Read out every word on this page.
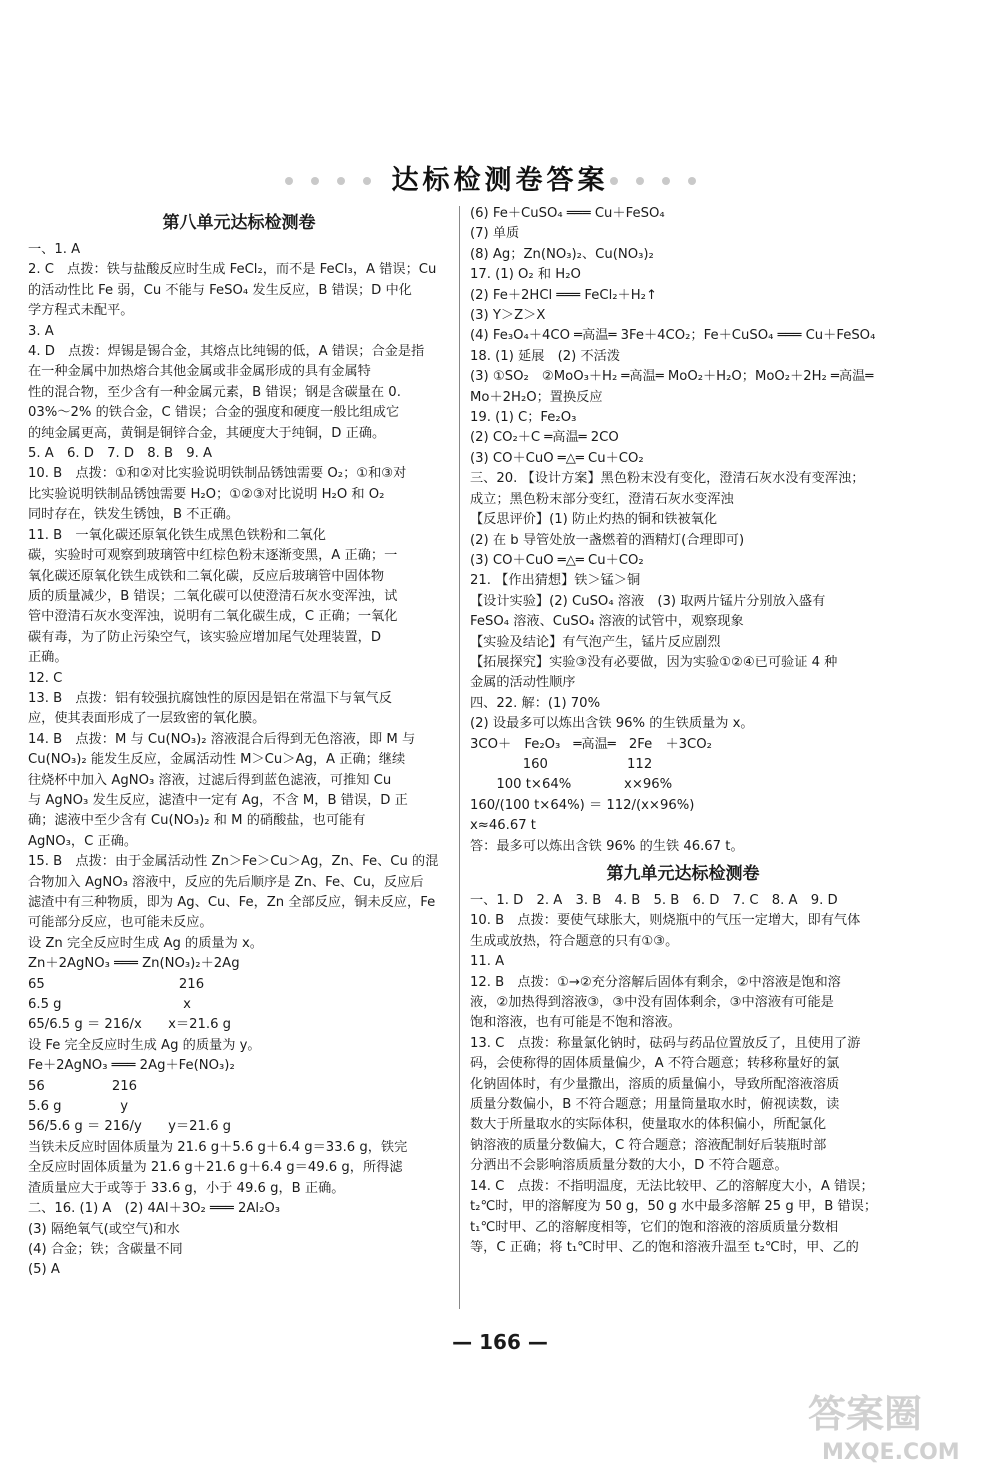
达标检测卷答案
第八单元达标检测卷
一、1. A
2. C　点拨：铁与盐酸反应时生成 FeCl₂，而不是 FeCl₃，A 错误；Cu
的活动性比 Fe 弱，Cu 不能与 FeSO₄ 发生反应，B 错误；D 中化
学方程式未配平。
3. A
4. D　点拨：焊锡是锡合金，其熔点比纯锡的低，A 错误；合金是指
在一种金属中加热熔合其他金属或非金属形成的具有金属特
性的混合物，至少含有一种金属元素，B 错误；钢是含碳量在 0.
03%～2% 的铁合金，C 错误；合金的强度和硬度一般比组成它
的纯金属更高，黄铜是铜锌合金，其硬度大于纯铜，D 正确。
5. A　6. D　7. D　8. B　9. A
10. B　点拨：①和②对比实验说明铁制品锈蚀需要 O₂；①和③对
比实验说明铁制品锈蚀需要 H₂O；①②③对比说明 H₂O 和 O₂
同时存在，铁发生锈蚀，B 不正确。
11. B　一氧化碳还原氧化铁生成黑色铁粉和二氧化
碳，实验时可观察到玻璃管中红棕色粉末逐渐变黑，A 正确；一
氧化碳还原氧化铁生成铁和二氧化碳，反应后玻璃管中固体物
质的质量减少，B 错误；二氧化碳可以使澄清石灰水变浑浊，试
管中澄清石灰水变浑浊，说明有二氧化碳生成，C 正确；一氧化
碳有毒，为了防止污染空气，该实验应增加尾气处理装置，D
正确。
12. C
13. B　点拨：铝有较强抗腐蚀性的原因是铝在常温下与氧气反
应，使其表面形成了一层致密的氧化膜。
14. B　点拨：M 与 Cu(NO₃)₂ 溶液混合后得到无色溶液，即 M 与
Cu(NO₃)₂ 能发生反应，金属活动性 M＞Cu＞Ag，A 正确；继续
往烧杯中加入 AgNO₃ 溶液，过滤后得到蓝色滤液，可推知 Cu
与 AgNO₃ 发生反应，滤渣中一定有 Ag，不含 M，B 错误，D 正
确；滤液中至少含有 Cu(NO₃)₂ 和 M 的硝酸盐，也可能有
AgNO₃，C 正确。
15. B　点拨：由于金属活动性 Zn＞Fe＞Cu＞Ag，Zn、Fe、Cu 的混
合物加入 AgNO₃ 溶液中，反应的先后顺序是 Zn、Fe、Cu，反应后
滤渣中有三种物质，即为 Ag、Cu、Fe，Zn 全部反应，铜未反应，Fe
可能部分反应，也可能未反应。
设 Zn 完全反应时生成 Ag 的质量为 x。
Zn＋2AgNO₃ ═══ Zn(NO₃)₂＋2Ag
65                                216
6.5 g                             x
65/6.5 g ＝ 216/x　　x＝21.6 g
设 Fe 完全反应时生成 Ag 的质量为 y。
Fe＋2AgNO₃ ═══ 2Ag＋Fe(NO₃)₂
56                216
5.6 g              y
56/5.6 g ＝ 216/y　　y＝21.6 g
当铁未反应时固体质量为 21.6 g＋5.6 g＋6.4 g＝33.6 g，铁完
全反应时固体质量为 21.6 g＋21.6 g＋6.4 g＝49.6 g，所得滤
渣质量应大于或等于 33.6 g，小于 49.6 g，B 正确。
二、16. (1) A　(2) 4Al＋3O₂ ═══ 2Al₂O₃
(3) 隔绝氧气(或空气)和水
(4) 合金；铁；含碳量不同
(5) A
(6) Fe＋CuSO₄ ═══ Cu＋FeSO₄
(7) 单质
(8) Ag；Zn(NO₃)₂、Cu(NO₃)₂
17. (1) O₂ 和 H₂O
(2) Fe＋2HCl ═══ FeCl₂＋H₂↑
(3) Y＞Z＞X
(4) Fe₃O₄＋4CO ═高温═ 3Fe＋4CO₂；Fe＋CuSO₄ ═══ Cu＋FeSO₄
18. (1) 延展　(2) 不活泼
(3) ①SO₂　②MoO₃＋H₂ ═高温═ MoO₂＋H₂O；MoO₂＋2H₂ ═高温═
Mo＋2H₂O；置换反应
19. (1) C；Fe₂O₃
(2) CO₂＋C ═高温═ 2CO
(3) CO＋CuO ═△═ Cu＋CO₂
三、20. 【设计方案】黑色粉末没有变化，澄清石灰水没有变浑浊；
成立；黑色粉末部分变红，澄清石灰水变浑浊
【反思评价】(1) 防止灼热的铜和铁被氧化
(2) 在 b 导管处放一盏燃着的酒精灯(合理即可)
(3) CO＋CuO ═△═ Cu＋CO₂
21. 【作出猜想】铁＞锰＞铜
【设计实验】(2) CuSO₄ 溶液　(3) 取两片锰片分别放入盛有
FeSO₄ 溶液、CuSO₄ 溶液的试管中，观察现象
【实验及结论】有气泡产生，锰片反应剧烈
【拓展探究】实验③没有必要做，因为实验①②④已可验证 4 种
金属的活动性顺序
四、22. 解：(1) 70%
(2) 设最多可以炼出含铁 96% 的生铁质量为 x。
3CO＋　Fe₂O₃　═高温═　2Fe　＋3CO₂
　　　　160　　　　　　112
　　100 t×64%　　　　x×96%
160/(100 t×64%) ＝ 112/(x×96%)
x≈46.67 t
答：最多可以炼出含铁 96% 的生铁 46.67 t。
第九单元达标检测卷
一、1. D　2. A　3. B　4. B　5. B　6. D　7. C　8. A　9. D
10. B　点拨：要使气球胀大，则烧瓶中的气压一定增大，即有气体
生成或放热，符合题意的只有①③。
11. A
12. B　点拨：①→②充分溶解后固体有剩余，②中溶液是饱和溶
液，②加热得到溶液③，③中没有固体剩余，③中溶液有可能是
饱和溶液，也有可能是不饱和溶液。
13. C　点拨：称量氯化钠时，砝码与药品位置放反了，且使用了游
码，会使称得的固体质量偏少，A 不符合题意；转移称量好的氯
化钠固体时，有少量撒出，溶质的质量偏小，导致所配溶液溶质
质量分数偏小，B 不符合题意；用量筒量取水时，俯视读数，读
数大于所量取水的实际体积，使量取水的体积偏小，所配氯化
钠溶液的质量分数偏大，C 符合题意；溶液配制好后装瓶时部
分洒出不会影响溶质质量分数的大小，D 不符合题意。
14. C　点拨：不指明温度，无法比较甲、乙的溶解度大小，A 错误；
t₂℃时，甲的溶解度为 50 g，50 g 水中最多溶解 25 g 甲，B 错误；
t₁℃时甲、乙的溶解度相等，它们的饱和溶液的溶质质量分数相
等，C 正确；将 t₁℃时甲、乙的饱和溶液升温至 t₂℃时，甲、乙的
— 166 —
答案圈
MXQE.COM
